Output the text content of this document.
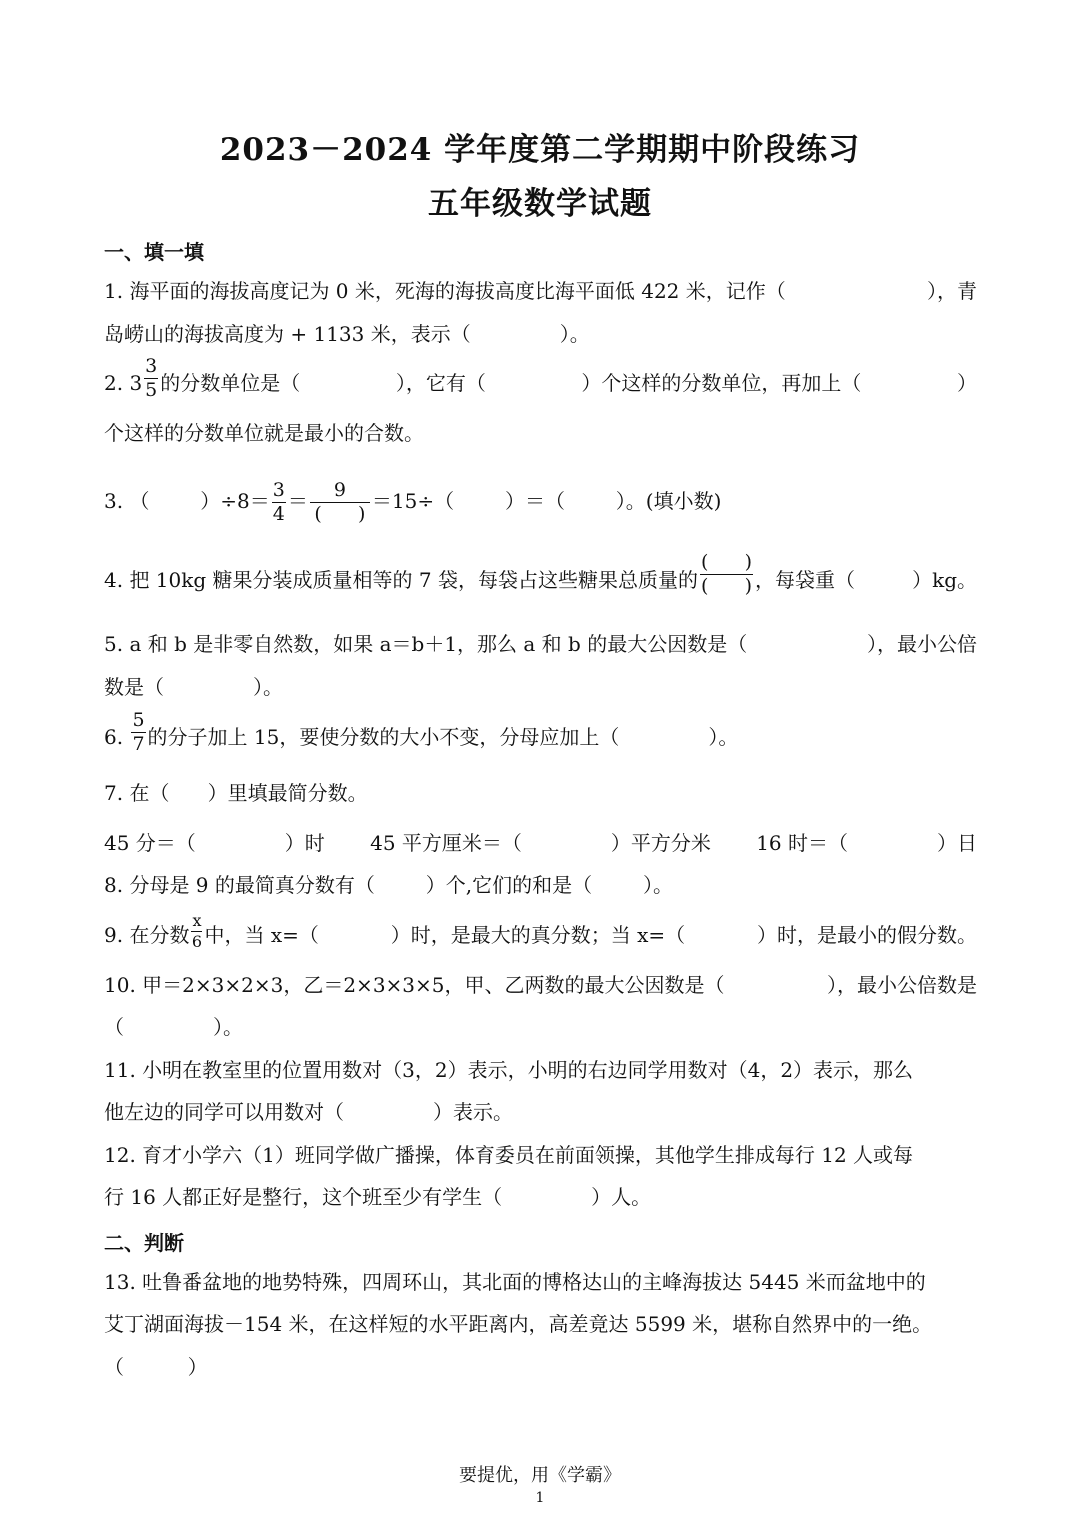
2023－2024 学年度第二学期期中阶段练习
五年级数学试题
一、填一填
1. 海平面的海拔高度记为 0 米，死海的海拔高度比海平面低 422 米，记作（	），青
岛崂山的海拔高度为 + 1133 米，表示（              ）。
2. $3 \frac{3}{5}$ 的分数单位是（	），它有（	）个这样的分数单位，再加上（	）
个这样的分数单位就是最小的合数。
3. （        ）$\div 8= \frac{3}{4} = \frac{9}{( )} =15\div$（        ）＝（        ）。(填小数)
4. 把 10kg 糖果分装成质量相等的 7 袋，每袋占这些糖果总质量的 $\frac{( )}{( )}$ ，每袋重（	）kg。
5. a 和 b 是非零自然数，如果 a＝b＋1，那么 a 和 b 的最大公因数是（	），最小公倍
数是（              ）。
6. $\frac{5}{7}$ 的分子加上 15，要使分数的大小不变，分母应加上（              ）。
7. 在（      ）里填最简分数。
45 分＝（              ）时 45 平方厘米＝（              ）平方分米 16 时＝（              ）日
8. 分母是 9 的最简真分数有（        ）个,它们的和是（        ）。
9. 在分数 $\frac{x}{6}$ 中，当 x=（	）时，是最大的真分数；当 x=（	）时，是最小的假分数。
10. 甲＝2×3×2×3，乙＝2×3×3×5，甲、乙两数的最大公因数是（	），最小公倍数是
（              ）。
11. 小明在教室里的位置用数对（3，2）表示，小明的右边同学用数对（4，2）表示，那么
他左边的同学可以用数对（              ）表示。
12. 育才小学六（1）班同学做广播操，体育委员在前面领操，其他学生排成每行 12 人或每
行 16 人都正好是整行，这个班至少有学生（              ）人。
二、判断
13. 吐鲁番盆地的地势特殊，四周环山，其北面的博格达山的主峰海拔达 5445 米而盆地中的
艾丁湖面海拔－154 米，在这样短的水平距离内，高差竟达 5599 米，堪称自然界中的一绝。
（          ）
要提优，用《学霸》
1
